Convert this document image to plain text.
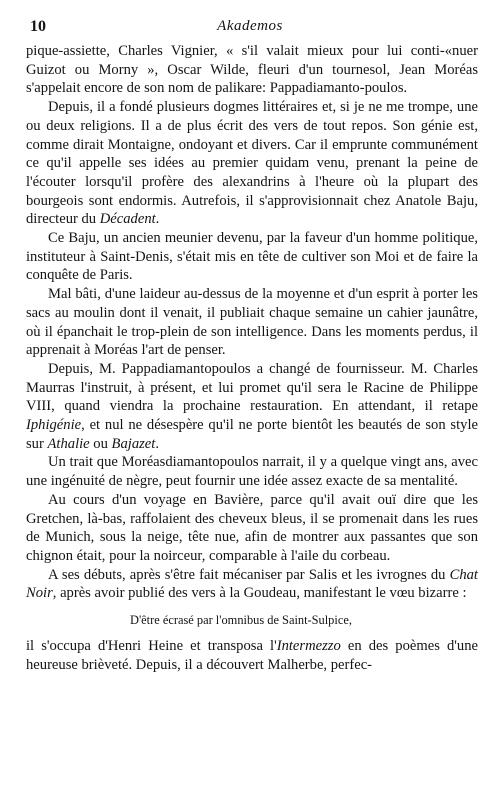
10	Akademos

pique-assiette, Charles Vignier, « s'il valait mieux pour lui conti-«nuer Guizot ou Morny », Oscar Wilde, fleuri d'un tournesol, Jean Moréas s'appelait encore de son nom de palikare: Pappadiamanto-poulos.

Depuis, il a fondé plusieurs dogmes littéraires et, si je ne me trompe, une ou deux religions. Il a de plus écrit des vers de tout repos. Son génie est, comme dirait Montaigne, ondoyant et divers. Car il emprunte communément ce qu'il appelle ses idées au premier quidam venu, prenant la peine de l'écouter lorsqu'il profère des alexandrins à l'heure où la plupart des bourgeois sont endormis. Autrefois, il s'approvisionnait chez Anatole Baju, directeur du Décadent.

Ce Baju, un ancien meunier devenu, par la faveur d'un homme politique, instituteur à Saint-Denis, s'était mis en tête de cultiver son Moi et de faire la conquête de Paris.

Mal bâti, d'une laideur au-dessus de la moyenne et d'un esprit à porter les sacs au moulin dont il venait, il publiait chaque semaine un cahier jaunâtre, où il épanchait le trop-plein de son intelligence. Dans les moments perdus, il apprenait à Moréas l'art de penser.

Depuis, M. Pappadiamantopoulos a changé de fournisseur. M. Charles Maurras l'instruit, à présent, et lui promet qu'il sera le Racine de Philippe VIII, quand viendra la prochaine restauration. En attendant, il retape Iphigénie, et nul ne désespère qu'il ne porte bientôt les beautés de son style sur Athalie ou Bajazet.

Un trait que Moréasdiamantopoulos narrait, il y a quelque vingt ans, avec une ingénuité de nègre, peut fournir une idée assez exacte de sa mentalité.

Au cours d'un voyage en Bavière, parce qu'il avait ouï dire que les Gretchen, là-bas, raffolaient des cheveux bleus, il se promenait dans les rues de Munich, sous la neige, tête nue, afin de montrer aux passantes que son chignon était, pour la noirceur, comparable à l'aile du corbeau.

A ses débuts, après s'être fait mécaniser par Salis et les ivrognes du Chat Noir, après avoir publié des vers à la Goudeau, manifestant le vœu bizarre :

D'être écrasé par l'omnibus de Saint-Sulpice,

il s'occupa d'Henri Heine et transposa l'Intermezzo en des poèmes d'une heureuse brièveté. Depuis, il a découvert Malherbe, perfec-
